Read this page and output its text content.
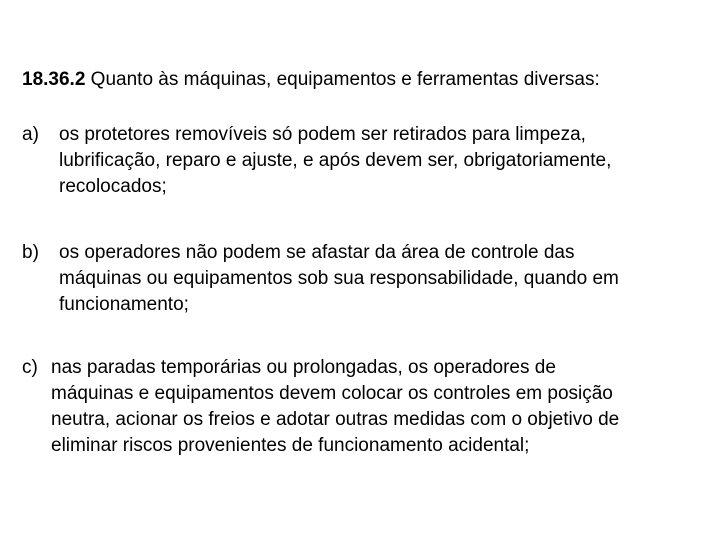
18.36.2 Quanto às máquinas, equipamentos e ferramentas diversas:
a) os protetores removíveis só podem ser retirados para limpeza,
lubrificação, reparo e ajuste, e após devem ser, obrigatoriamente,
recolocados;
b) os operadores não podem se afastar da área de controle das
máquinas ou equipamentos sob sua responsabilidade, quando em
funcionamento;
c) nas paradas temporárias ou prolongadas, os operadores de
máquinas e equipamentos devem colocar os controles em posição
neutra, acionar os freios e adotar outras medidas com o objetivo de
eliminar riscos provenientes de funcionamento acidental;
